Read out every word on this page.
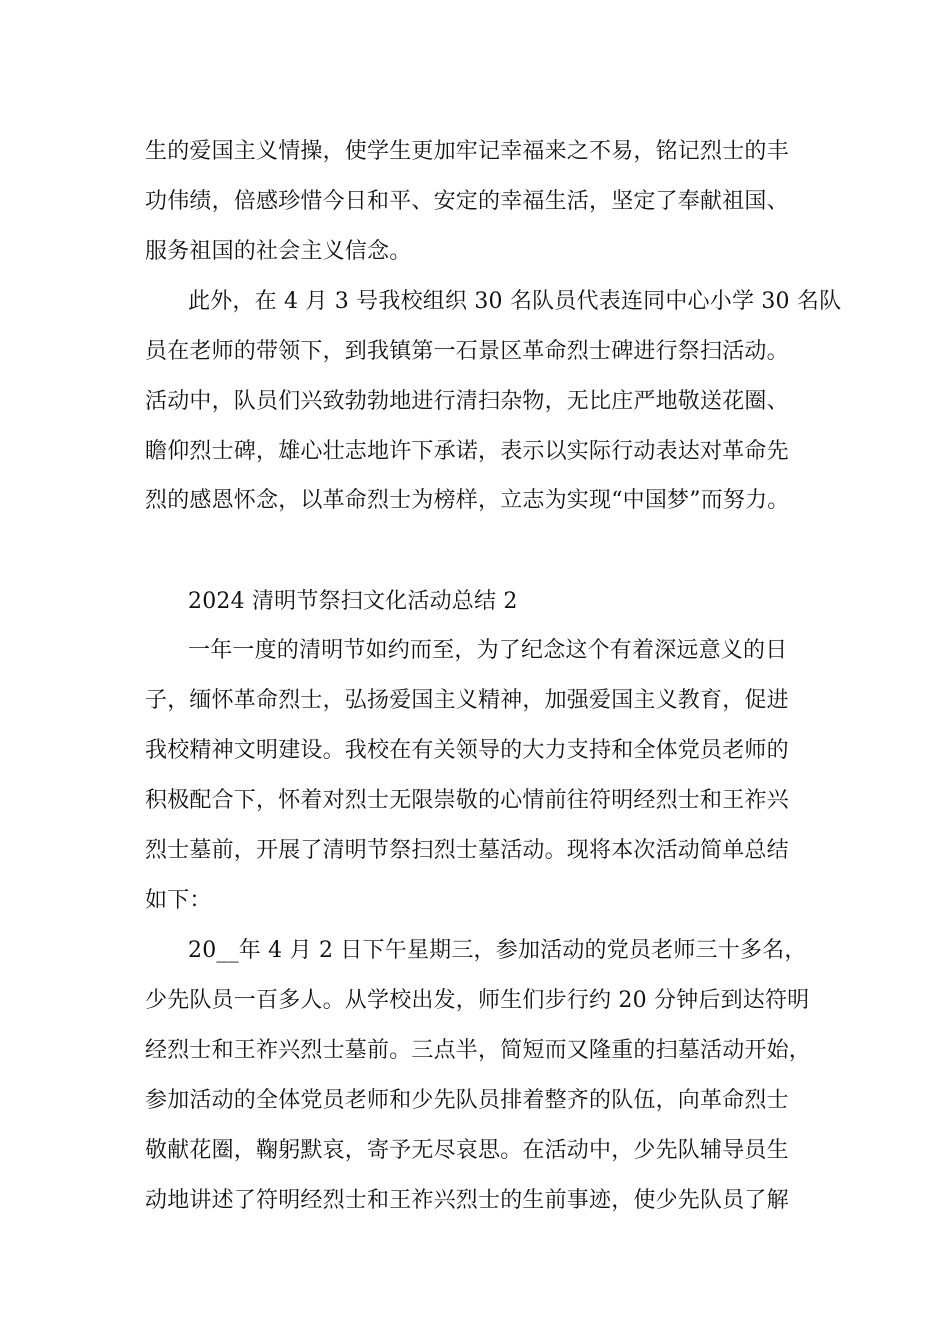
生的爱国主义情操，使学生更加牢记幸福来之不易，铭记烈士的丰
功伟绩，倍感珍惜今日和平、安定的幸福生活，坚定了奉献祖国、
服务祖国的社会主义信念。
此外，在 4 月 3 号我校组织 30 名队员代表连同中心小学 30 名队
员在老师的带领下，到我镇第一石景区革命烈士碑进行祭扫活动。
活动中，队员们兴致勃勃地进行清扫杂物，无比庄严地敬送花圈、
瞻仰烈士碑，雄心壮志地许下承诺，表示以实际行动表达对革命先
烈的感恩怀念，以革命烈士为榜样，立志为实现“中国梦”而努力。
2024 清明节祭扫文化活动总结 2
一年一度的清明节如约而至，为了纪念这个有着深远意义的日
子，缅怀革命烈士，弘扬爱国主义精神，加强爱国主义教育，促进
我校精神文明建设。我校在有关领导的大力支持和全体党员老师的
积极配合下，怀着对烈士无限崇敬的心情前往符明经烈士和王祚兴
烈士墓前，开展了清明节祭扫烈士墓活动。现将本次活动简单总结
如下：
20__年 4 月 2 日下午星期三，参加活动的党员老师三十多名，
少先队员一百多人。从学校出发，师生们步行约 20 分钟后到达符明
经烈士和王祚兴烈士墓前。三点半，简短而又隆重的扫墓活动开始，
参加活动的全体党员老师和少先队员排着整齐的队伍，向革命烈士
敬献花圈，鞠躬默哀，寄予无尽哀思。在活动中，少先队辅导员生
动地讲述了符明经烈士和王祚兴烈士的生前事迹，使少先队员了解
